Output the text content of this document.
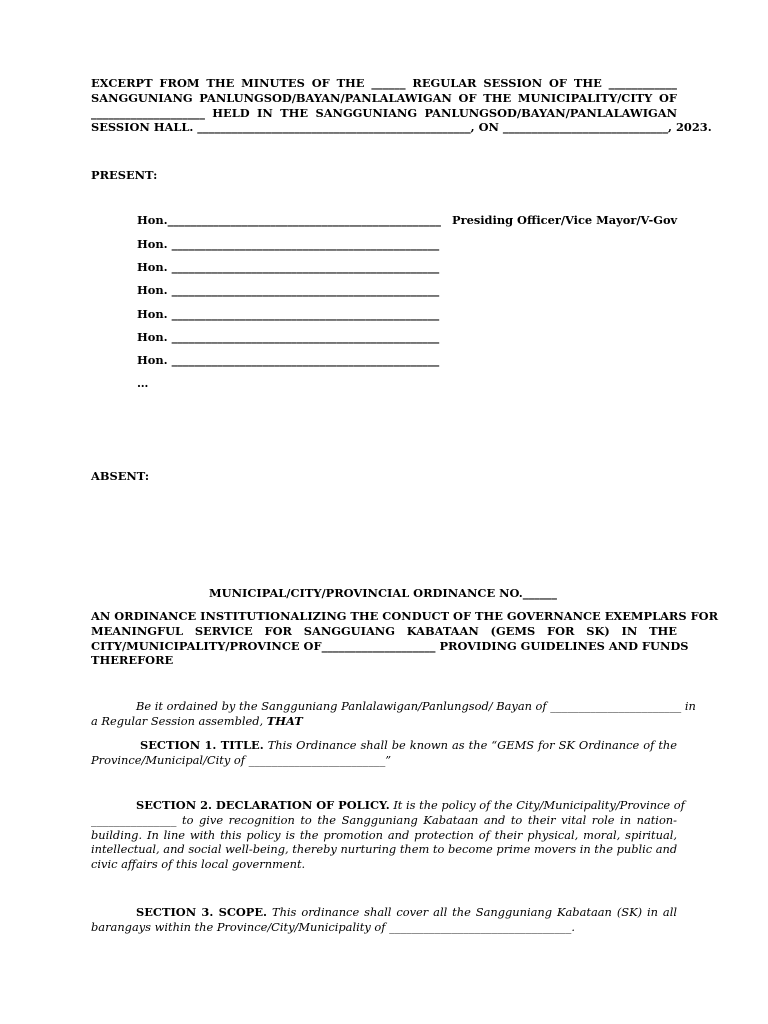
EXCERPT FROM THE MINUTES OF THE ______ REGULAR SESSION OF THE ____________
SANGGUNIANG PANLUNGSOD/BAYAN/PANLALAWIGAN OF THE MUNICIPALITY/CITY OF
____________________ HELD IN THE SANGGUNIANG PANLUNGSOD/BAYAN/PANLALAWIGAN
SESSION HALL. ________________________________________________, ON _____________________________, 2023.
PRESENT:
Hon.________________________________________________ Presiding Officer/Vice Mayor/V-Gov
Hon. _______________________________________________
Hon. _______________________________________________
Hon. _______________________________________________
Hon. _______________________________________________
Hon. _______________________________________________
Hon. _______________________________________________
…
ABSENT:
MUNICIPAL/CITY/PROVINCIAL ORDINANCE NO.______
AN ORDINANCE INSTITUTIONALIZING THE CONDUCT OF THE GOVERNANCE EXEMPLARS FOR
MEANINGFUL SERVICE FOR SANGGUIANG KABATAAN (GEMS FOR SK) IN THE
CITY/MUNICIPALITY/PROVINCE OF____________________ PROVIDING GUIDELINES AND FUNDS
THEREFORE
Be it ordained by the Sangguniang Panlalawigan/Panlungsod/ Bayan of _______________________ in
a Regular Session assembled, THAT
SECTION 1. TITLE. This Ordinance shall be known as the “GEMS for SK Ordinance of the
Province/Municipal/City of ________________________”
SECTION 2. DECLARATION OF POLICY. It is the policy of the City/Municipality/Province of
_______________ to give recognition to the Sangguniang Kabataan and to their vital role in nation-
building. In line with this policy is the promotion and protection of their physical, moral, spiritual,
intellectual, and social well-being, thereby nurturing them to become prime movers in the public and
civic affairs of this local government.
SECTION 3. SCOPE. This ordinance shall cover all the Sangguniang Kabataan (SK) in all
barangays within the Province/City/Municipality of ________________________________.
